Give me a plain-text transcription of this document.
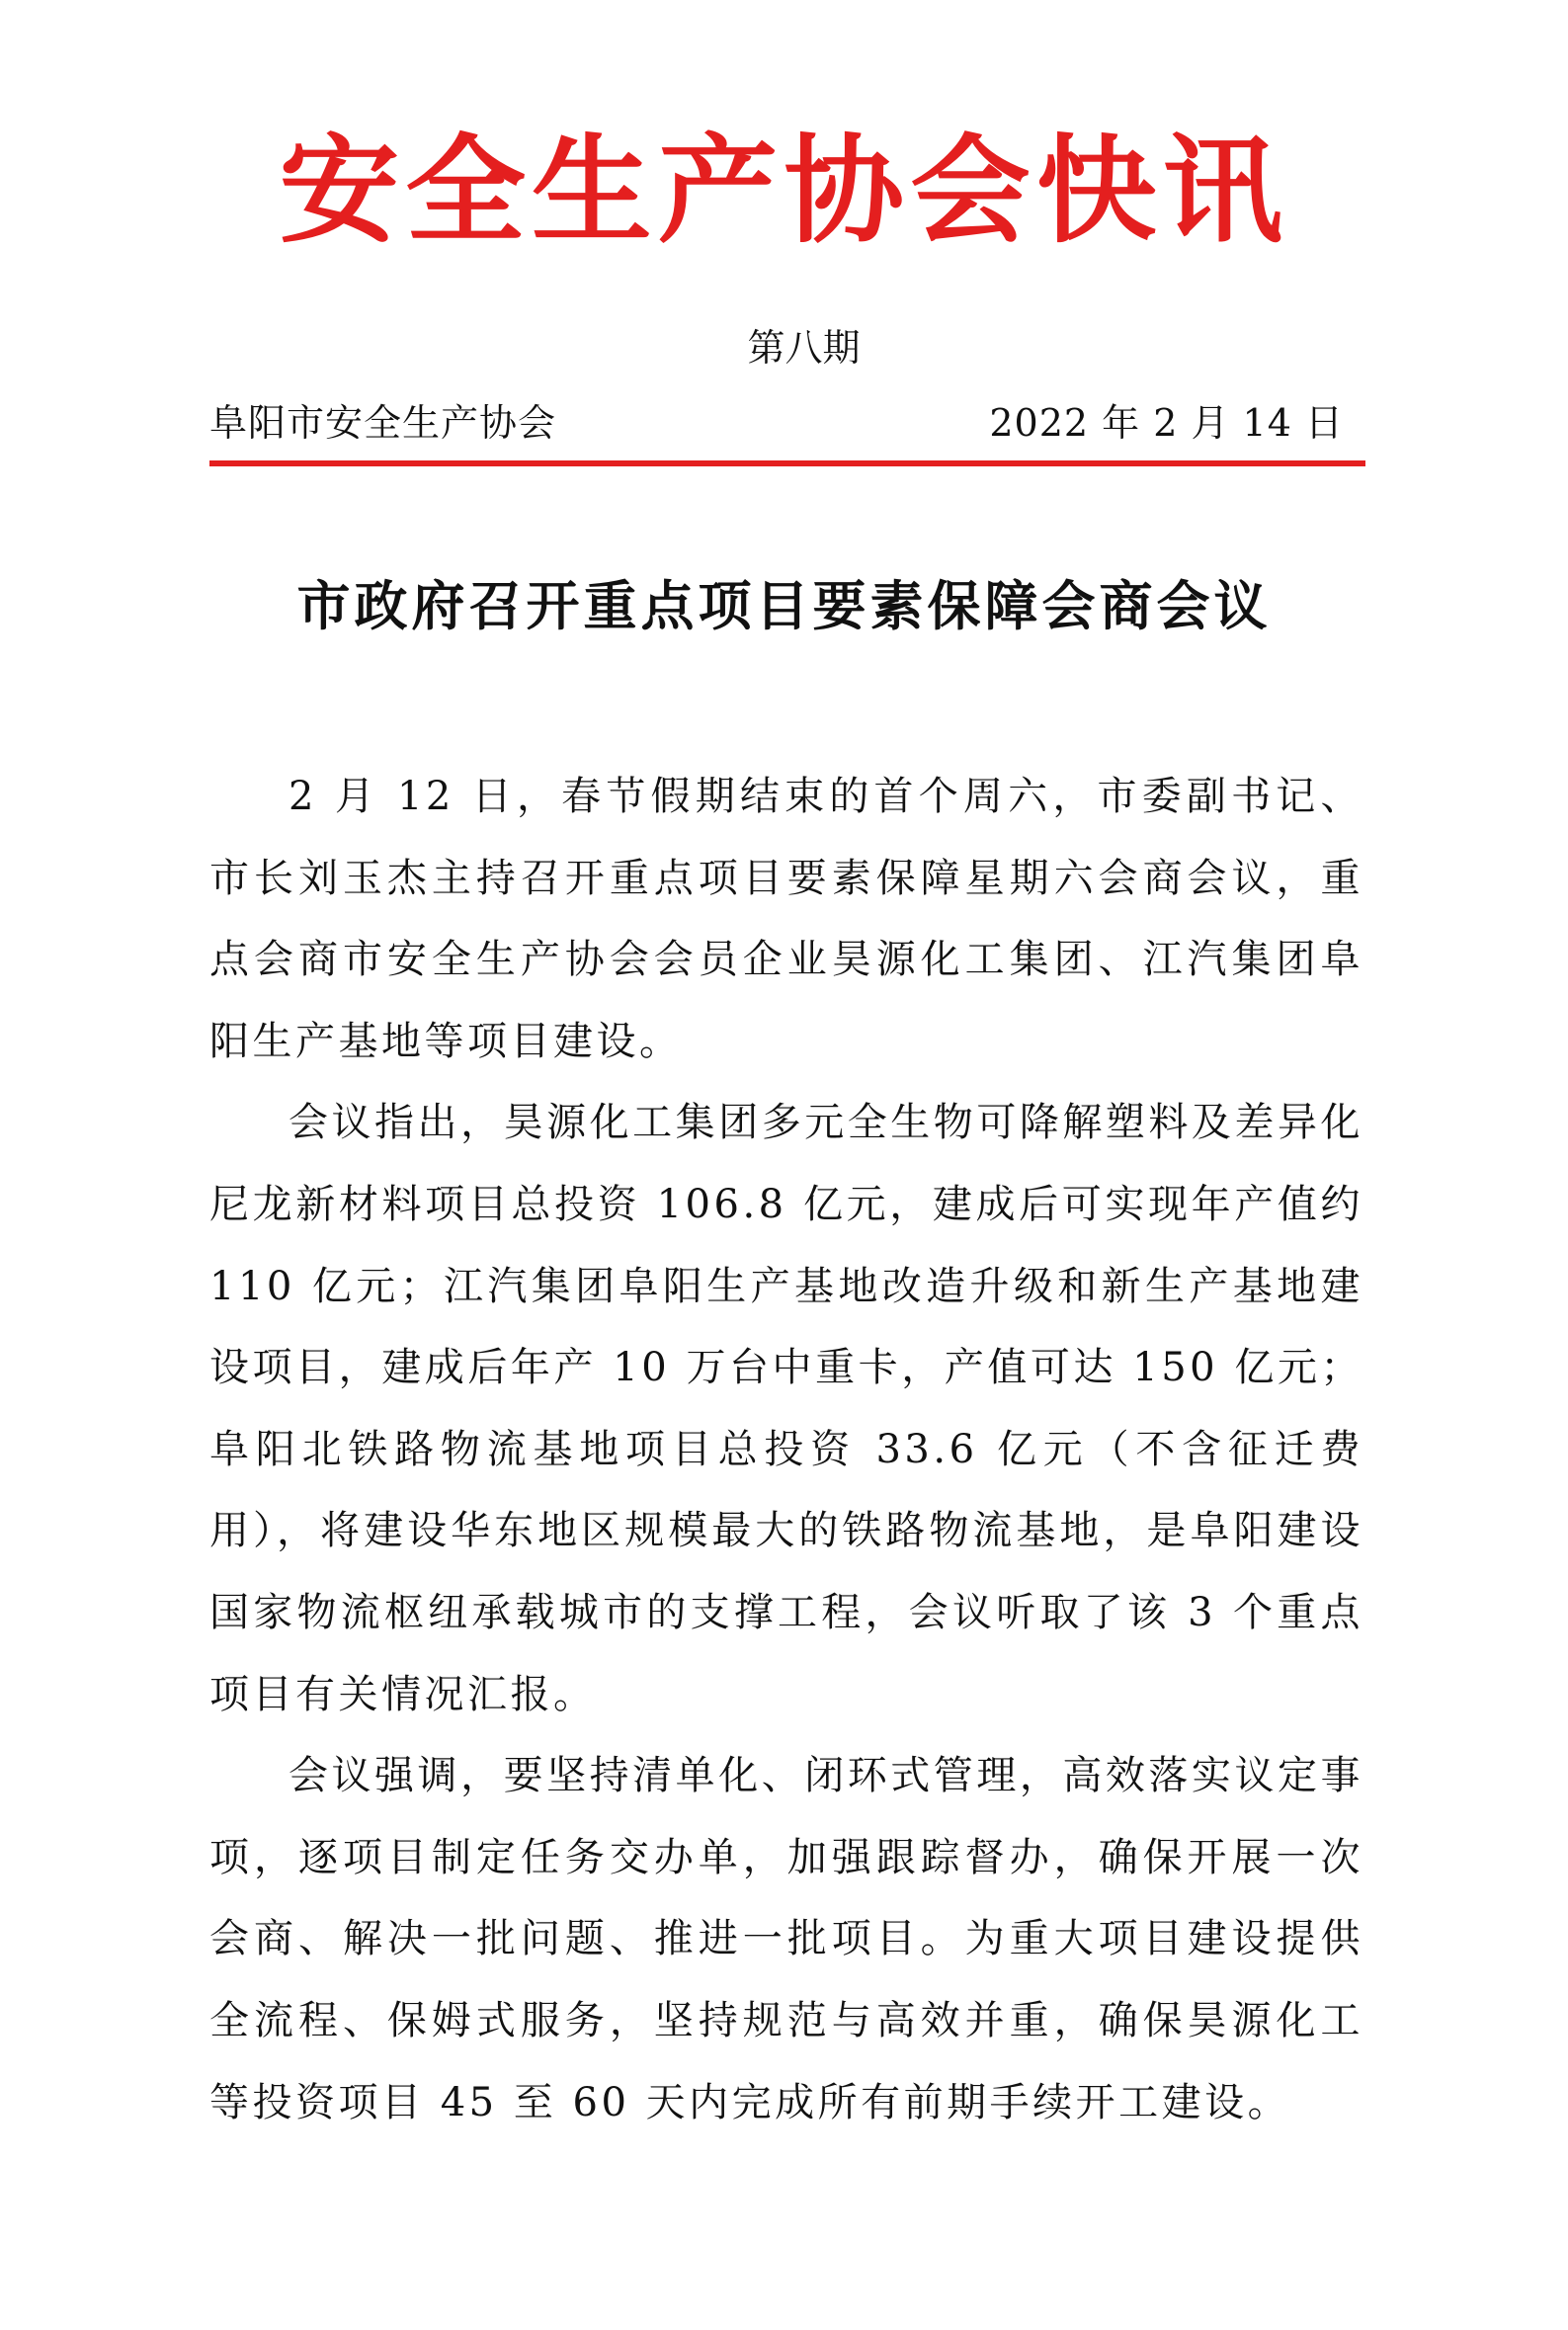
安全生产协会快讯
第八期
阜阳市安全生产协会	2022 年 2 月 14 日
市政府召开重点项目要素保障会商会议

2 月 12 日，春节假期结束的首个周六，市委副书记、市长刘玉杰主持召开重点项目要素保障星期六会商会议，重点会商市安全生产协会会员企业昊源化工集团、江汽集团阜阳生产基地等项目建设。

会议指出，昊源化工集团多元全生物可降解塑料及差异化尼龙新材料项目总投资 106.8 亿元，建成后可实现年产值约 110 亿元；江汽集团阜阳生产基地改造升级和新生产基地建设项目，建成后年产 10 万台中重卡，产值可达 150 亿元；阜阳北铁路物流基地项目总投资 33.6 亿元（不含征迁费用），将建设华东地区规模最大的铁路物流基地，是阜阳建设国家物流枢纽承载城市的支撑工程，会议听取了该 3 个重点项目有关情况汇报。

会议强调，要坚持清单化、闭环式管理，高效落实议定事项，逐项目制定任务交办单，加强跟踪督办，确保开展一次会商、解决一批问题、推进一批项目。为重大项目建设提供全流程、保姆式服务，坚持规范与高效并重，确保昊源化工等投资项目 45 至 60 天内完成所有前期手续开工建设。
